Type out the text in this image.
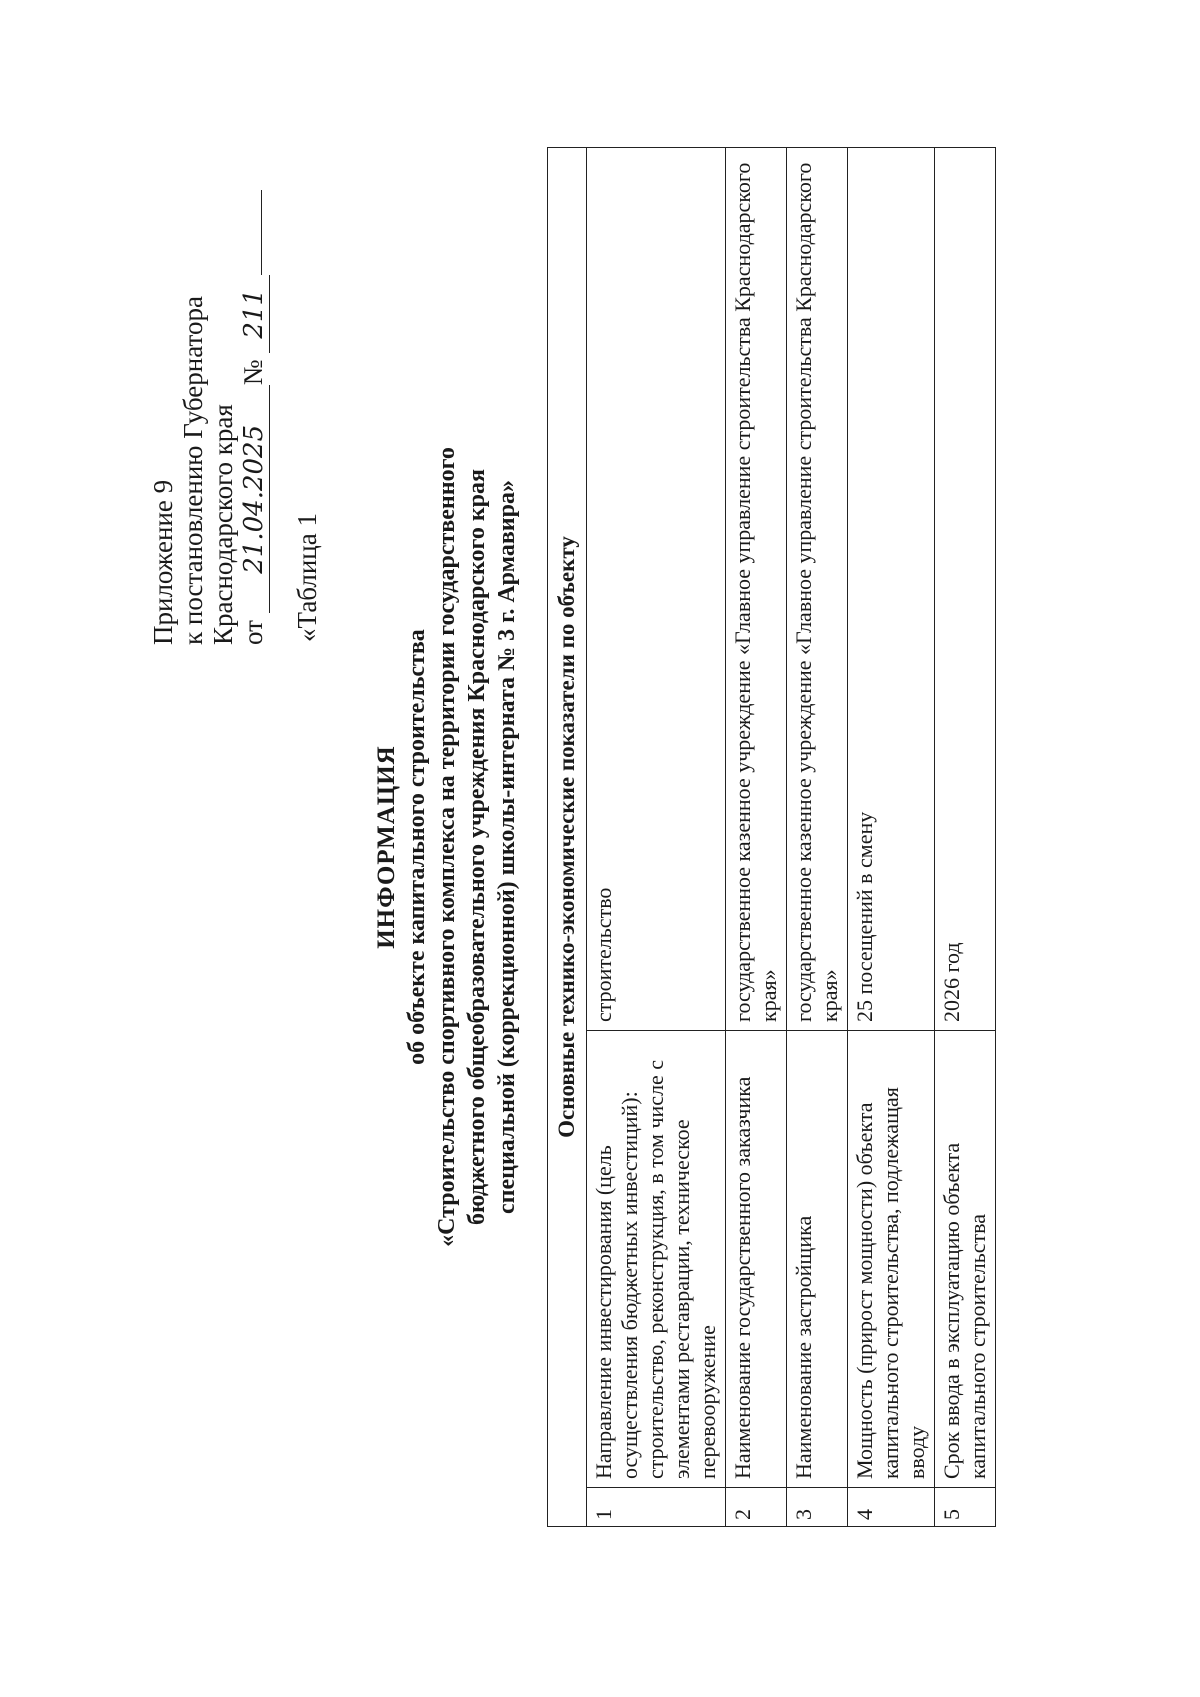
Приложение 9 к постановлению Губернатора Краснодарского края от 21.04.2025№ 211
«Таблица 1
ИНФОРМАЦИЯ об объекте капитального строительства «Строительство спортивного комплекса на территории государственного бюджетного общеобразовательного учреждения Краснодарского края специальной (коррекционной) школы-интерната № 3 г. Армавира» Основные технико-экономические показатели по объекту		
1	Направление инвестирования (цель осуществления бюджетных инвестиций): строительство, реконструкция, в том числе с элементами реставрации, техническое перевооружение	строительство
2	Наименование государственного заказчика	государственное казенное учреждение «Главное управление строительства Краснодарского края»
3	Наименование застройщика	государственное казенное учреждение «Главное управление строительства Краснодарского края»
4	Мощность (прирост мощности) объекта капитального строительства, подлежащая вводу	25 посещений в смену
5	Срок ввода в эксплуатацию объекта капитального строительства	2026 год
